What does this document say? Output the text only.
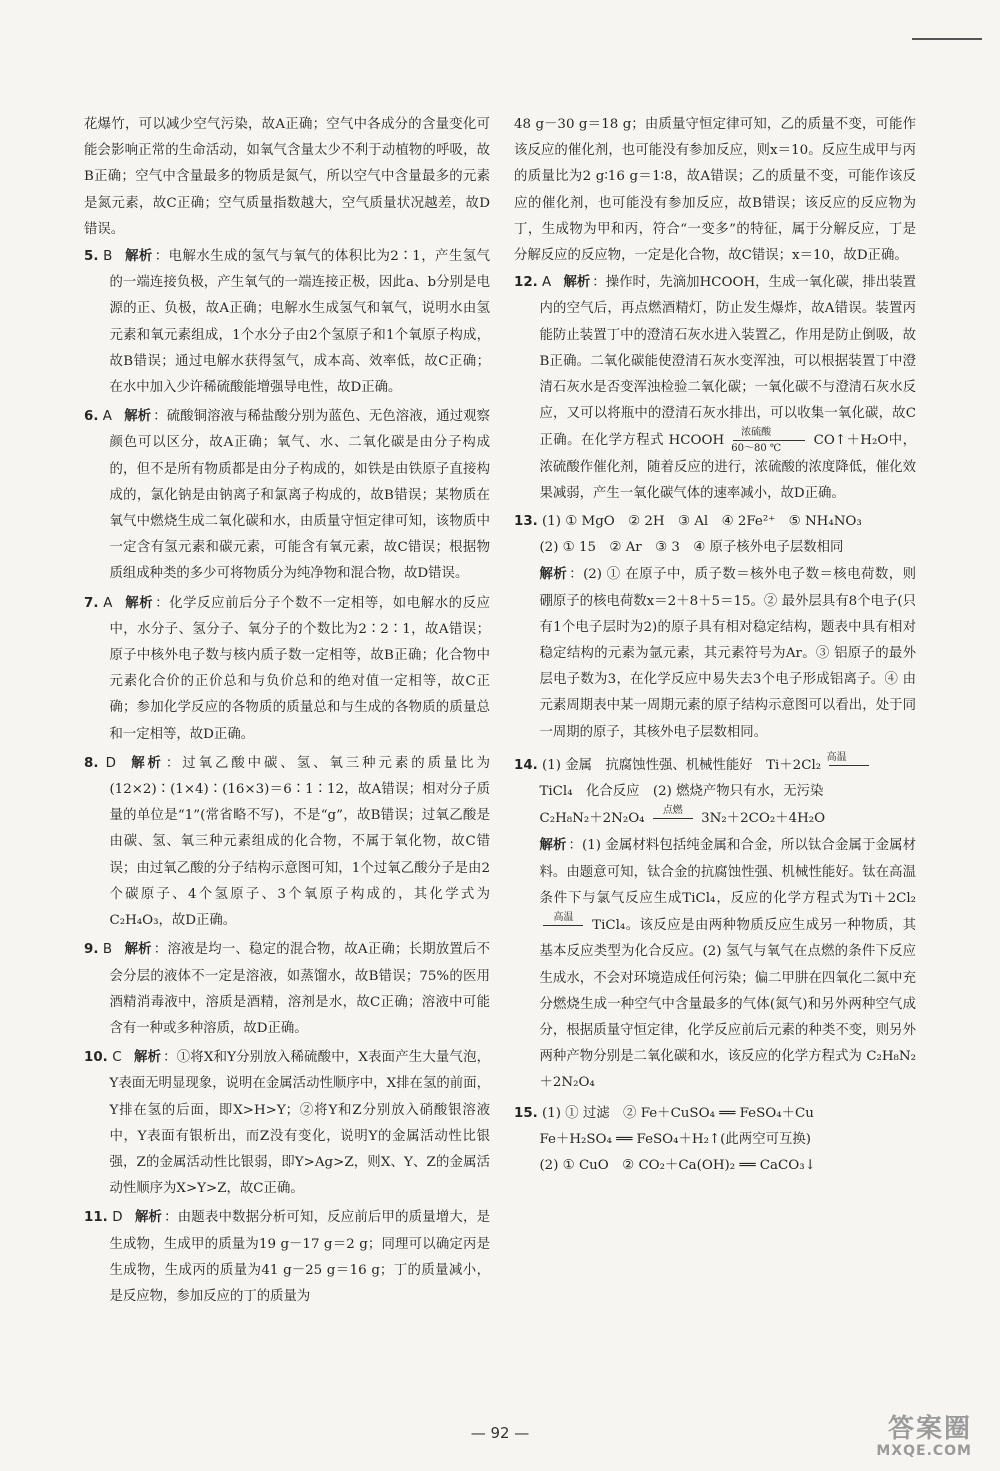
花爆竹，可以减少空气污染，故A正确；空气中各成分的含量变化可能会影响正常的生命活动，如氧气含量太少不利于动植物的呼吸，故B正确；空气中含量最多的物质是氮气，所以空气中含量最多的元素是氮元素，故C正确；空气质量指数越大，空气质量状况越差，故D错误。

5. B 解析 ：电解水生成的氢气与氧气的体积比为2∶1，产生氢气的一端连接负极，产生氧气的一端连接正极，因此a、b分别是电源的正、负极，故A正确；电解水生成氢气和氧气，说明水由氢元素和氧元素组成，1个水分子由2个氢原子和1个氧原子构成，故B错误；通过电解水获得氢气，成本高、效率低，故C正确；在水中加入少许稀硫酸能增强导电性，故D正确。

6. A 解析 ：硫酸铜溶液与稀盐酸分别为蓝色、无色溶液，通过观察颜色可以区分，故A正确；氧气、水、二氧化碳是由分子构成的，但不是所有物质都是由分子构成的，如铁是由铁原子直接构成的，氯化钠是由钠离子和氯离子构成的，故B错误；某物质在氧气中燃烧生成二氧化碳和水，由质量守恒定律可知，该物质中一定含有氢元素和碳元素，可能含有氧元素，故C错误；根据物质组成种类的多少可将物质分为纯净物和混合物，故D错误。

7. A 解析 ：化学反应前后分子个数不一定相等，如电解水的反应中，水分子、氢分子、氧分子的个数比为2∶2∶1，故A错误；原子中核外电子数与核内质子数一定相等，故B正确；化合物中元素化合价的正价总和与负价总和的绝对值一定相等，故C正确；参加化学反应的各物质的质量总和与生成的各物质的质量总和一定相等，故D正确。

8. D 解析 ：过氧乙酸中碳、氢、氧三种元素的质量比为(12×2)∶(1×4)∶(16×3)＝6∶1∶12，故A错误；相对分子质量的单位是“1”(常省略不写)，不是“g”，故B错误；过氧乙酸是由碳、氢、氧三种元素组成的化合物，不属于氧化物，故C错误；由过氧乙酸的分子结构示意图可知，1个过氧乙酸分子是由2个碳原子、4个氢原子、3个氧原子构成的，其化学式为C₂H₄O₃，故D正确。

9. B 解析 ：溶液是均一、稳定的混合物，故A正确；长期放置后不会分层的液体不一定是溶液，如蒸馏水，故B错误；75%的医用酒精消毒液中，溶质是酒精，溶剂是水，故C正确；溶液中可能含有一种或多种溶质，故D正确。

10. C 解析 ：①将X和Y分别放入稀硫酸中，X表面产生大量气泡，Y表面无明显现象，说明在金属活动性顺序中，X排在氢的前面，Y排在氢的后面，即X>H>Y；②将Y和Z分别放入硝酸银溶液中，Y表面有银析出，而Z没有变化，说明Y的金属活动性比银强，Z的金属活动性比银弱，即Y>Ag>Z，则X、Y、Z的金属活动性顺序为X>Y>Z，故C正确。

11. D 解析 ：由题表中数据分析可知，反应前后甲的质量增大，是生成物，生成甲的质量为19 g－17 g＝2 g；同理可以确定丙是生成物，生成丙的质量为41 g－25 g＝16 g；丁的质量减小，是反应物，参加反应的丁的质量为

48 g－30 g＝18 g；由质量守恒定律可知，乙的质量不变，可能作该反应的催化剂，也可能没有参加反应，则x＝10。反应生成甲与丙的质量比为2 g∶16 g＝1∶8，故A错误；乙的质量不变，可能作该反应的催化剂，也可能没有参加反应，故B错误；该反应的反应物为丁，生成物为甲和丙，符合“一变多”的特征，属于分解反应，丁是分解反应的反应物，一定是化合物，故C错误；x＝10，故D正确。

12. A 解析 ：操作时，先滴加HCOOH，生成一氧化碳，排出装置内的空气后，再点燃酒精灯，防止发生爆炸，故A错误。装置丙能防止装置丁中的澄清石灰水进入装置乙，作用是防止倒吸，故B正确。二氧化碳能使澄清石灰水变浑浊，可以根据装置丁中澄清石灰水是否变浑浊检验二氧化碳；一氧化碳不与澄清石灰水反应，又可以将瓶中的澄清石灰水排出，可以收集一氧化碳，故C正确。在化学方程式 HCOOH
浓硫酸
60～80 ℃
CO↑＋H₂O中，浓硫酸作催化剂，随着反应的进行，浓硫酸的浓度降低，催化效果减弱，产生一氧化碳气体的速率减小，故D正确。

13. (1) ① MgO　② 2H　③ Al　④ 2Fe²⁺　⑤ NH₄NO₃
(2) ① 15　② Ar　③ 3　④ 原子核外电子层数相同
解析 ：(2) ① 在原子中，质子数＝核外电子数＝核电荷数，则硼原子的核电荷数x＝2＋8＋5＝15。② 最外层具有8个电子(只有1个电子层时为2)的原子具有相对稳定结构，题表中具有相对稳定结构的元素为氩元素，其元素符号为Ar。③ 铝原子的最外层电子数为3，在化学反应中易失去3个电子形成铝离子。④ 由元素周期表中某一周期元素的原子结构示意图可以看出，处于同一周期的原子，其核外电子层数相同。
14. (1) 金属　抗腐蚀性强、机械性能好　Ti＋2Cl₂
高温

TiCl₄　化合反应　(2) 燃烧产物只有水，无污染
C₂H₈N₂＋2N₂O₄
点燃

3N₂＋2CO₂＋4H₂O
解析 ：(1) 金属材料包括纯金属和合金，所以钛合金属于金属材料。由题意可知，钛合金的抗腐蚀性强、机械性能好。钛在高温条件下与氯气反应生成TiCl₄，反应的化学方程式为Ti＋2Cl₂
高温

TiCl₄。该反应是由两种物质反应生成另一种物质，其基本反应类型为化合反应。(2) 氢气与氧气在点燃的条件下反应生成水，不会对环境造成任何污染；偏二甲肼在四氧化二氮中充分燃烧生成一种空气中含量最多的气体(氮气)和另外两种空气成分，根据质量守恒定律，化学反应前后元素的种类不变，则另外两种产物分别是二氧化碳和水，该反应的化学方程式为 C₂H₈N₂＋2N₂O₄
15. (1) ① 过滤　② Fe＋CuSO₄ ══ FeSO₄＋Cu
Fe＋H₂SO₄ ══ FeSO₄＋H₂↑(此两空可互换)
(2) ① CuO　② CO₂＋Ca(OH)₂ ══ CaCO₃↓
— 92 —	答案圈
MXQE.COM
